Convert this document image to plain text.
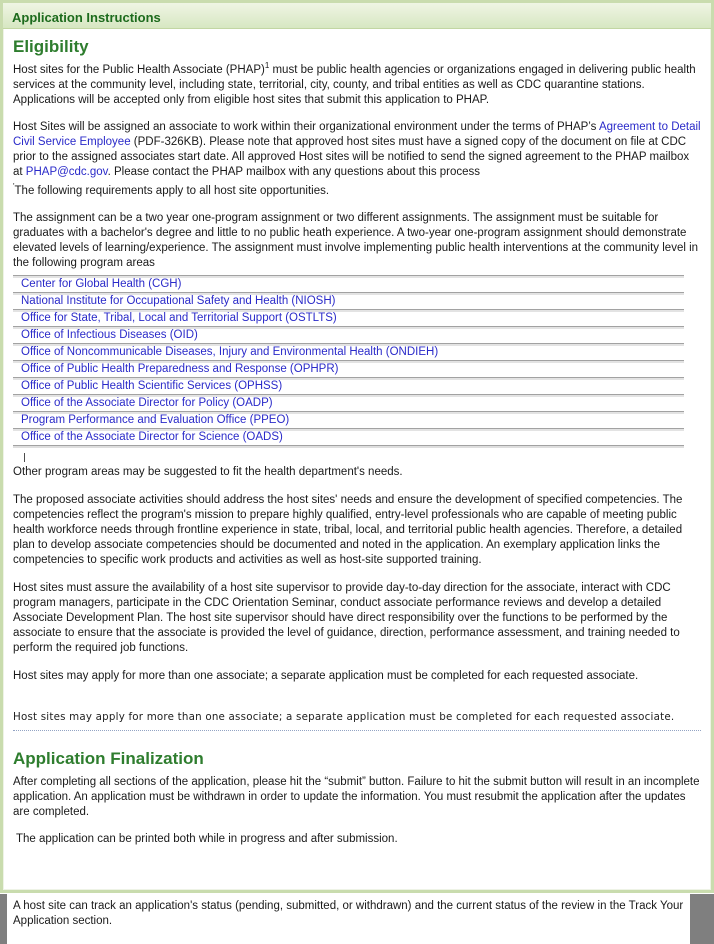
A host site can track an application's status (pending, submitted, or withdrawn) and the current status of the review in the Track Your Application section.

Application Instructions
Eligibility

Host sites for the Public Health Associate (PHAP)$^1$ must be public health agencies or organizations engaged in delivering public health services at the community level, including state, territorial, city, county, and tribal entities as well as CDC quarantine stations. Applications will be accepted only from eligible host sites that submit this application to PHAP.

Host Sites will be assigned an associate to work within their organizational environment under the terms of PHAP’s Agreement to Detail Civil Service Employee (PDF-326KB). Please note that approved host sites must have a signed copy of the document on file at CDC prior to the assigned associates start date. All approved Host sites will be notified to send the signed agreement to the PHAP mailbox at PHAP@cdc.gov. Please contact the PHAP mailbox with any questions about this process

'The following requirements apply to all host site opportunities.

The assignment can be a two year one-program assignment or two different assignments. The assignment must be suitable for graduates with a bachelor's degree and little to no public heath experience. A two-year one-program assignment should demonstrate elevated levels of learning/experience. The assignment must involve implementing public health interventions at the community level in the following program areas

Center for Global Health (CGH)
National Institute for Occupational Safety and Health (NIOSH)
Office for State, Tribal, Local and Territorial Support (OSTLTS)
Office of Infectious Diseases (OID)
Office of Noncommunicable Diseases, Injury and Environmental Health (ONDIEH)
Office of Public Health Preparedness and Response (OPHPR)
Office of Public Health Scientific Services (OPHSS)
Office of the Associate Director for Policy (OADP)
Program Performance and Evaluation Office (PPEO)
Office of the Associate Director for Science (OADS)

Other program areas may be suggested to fit the health department's needs.

The proposed associate activities should address the host sites' needs and ensure the development of specified competencies. The competencies reflect the program's mission to prepare highly qualified, entry-level professionals who are capable of meeting public health workforce needs through frontline experience in state, tribal, local, and territorial public health agencies. Therefore, a detailed plan to develop associate competencies should be documented and noted in the application. An exemplary application links the competencies to specific work products and activities as well as host-site supported training.

Host sites must assure the availability of a host site supervisor to provide day-to-day direction for the associate, interact with CDC program managers, participate in the CDC Orientation Seminar, conduct associate performance reviews and develop a detailed Associate Development Plan. The host site supervisor should have direct responsibility over the functions to be performed by the associate to ensure that the associate is provided the level of guidance, direction, performance assessment, and training needed to perform the required job functions.

Host sites may apply for more than one associate; a separate application must be completed for each requested associate.

Host sites may apply for more than one associate; a separate application must be completed for each requested associate.
Application Finalization

After completing all sections of the application, please hit the “submit” button. Failure to hit the submit button will result in an incomplete application. An application must be withdrawn in order to update the information. You must resubmit the application after the updates are completed.

The application can be printed both while in progress and after submission.
